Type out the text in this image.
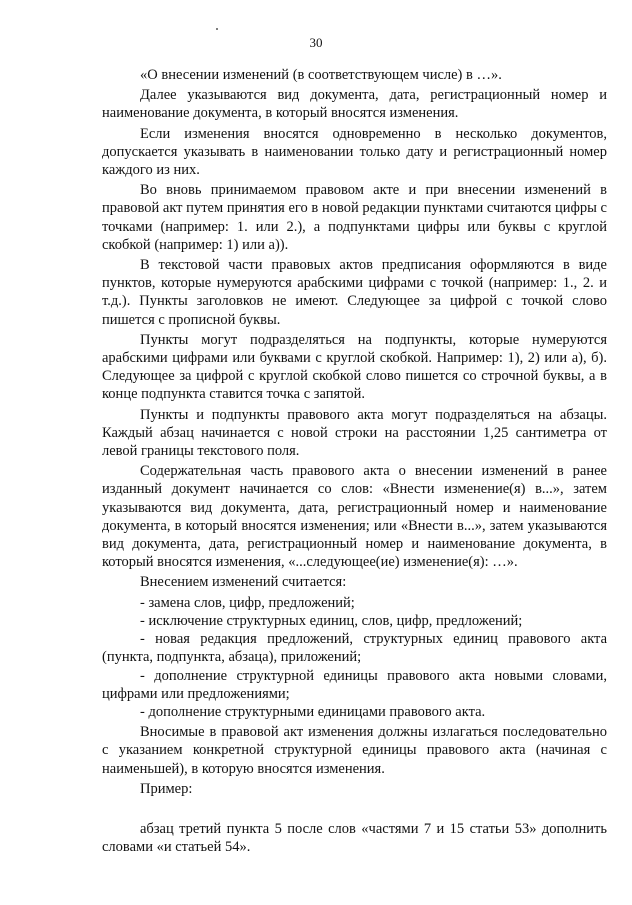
30

«О внесении изменений (в соответствующем числе) в …».

Далее указываются вид документа, дата, регистрационный номер и наименование документа, в который вносятся изменения.

Если изменения вносятся одновременно в несколько документов, допускается указывать в наименовании только дату и регистрационный номер каждого из них.

Во вновь принимаемом правовом акте и при внесении изменений в правовой акт путем принятия его в новой редакции пунктами считаются цифры с точками (например: 1. или 2.), а подпунктами цифры или буквы с круглой скобкой (например: 1) или а)).

В текстовой части правовых актов предписания оформляются в виде пунктов, которые нумеруются арабскими цифрами с точкой (например: 1., 2. и т.д.). Пункты заголовков не имеют. Следующее за цифрой с точкой слово пишется с прописной буквы.

Пункты могут подразделяться на подпункты, которые нумеруются арабскими цифрами или буквами с круглой скобкой. Например: 1), 2) или а), б). Следующее за цифрой с круглой скобкой слово пишется со строчной буквы, а в конце подпункта ставится точка с запятой.

Пункты и подпункты правового акта могут подразделяться на абзацы. Каждый абзац начинается с новой строки на расстоянии 1,25 сантиметра от левой границы текстового поля.

Содержательная часть правового акта о внесении изменений в ранее изданный документ начинается со слов: «Внести изменение(я) в...», затем указываются вид документа, дата, регистрационный номер и наименование документа, в который вносятся изменения; или «Внести в...», затем указываются вид документа, дата, регистрационный номер и наименование документа, в который вносятся изменения, «...следующее(ие) изменение(я): …».

Внесением изменений считается:

- замена слов, цифр, предложений;
- исключение структурных единиц, слов, цифр, предложений;
- новая редакция предложений, структурных единиц правового акта (пункта, подпункта, абзаца), приложений;
- дополнение структурной единицы правового акта новыми словами, цифрами или предложениями;
- дополнение структурными единицами правового акта.

Вносимые в правовой акт изменения должны излагаться последовательно с указанием конкретной структурной единицы правового акта (начиная с наименьшей), в которую вносятся изменения.

Пример:

абзац третий пункта 5 после слов «частями 7 и 15 статьи 53» дополнить словами «и статьей 54».
